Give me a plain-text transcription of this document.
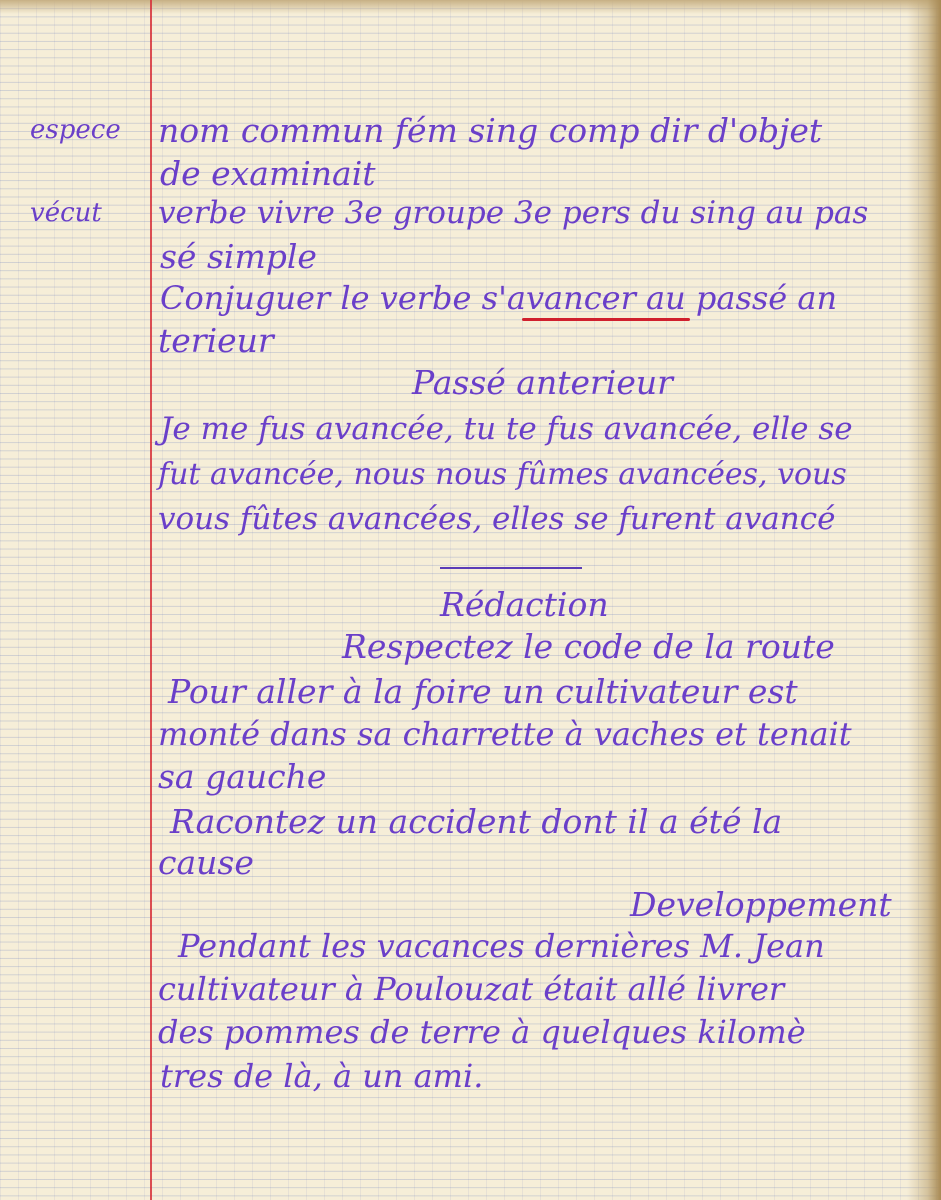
espece
vécut
nom commun fém sing comp dir d'objet
de examinait
verbe vivre 3e groupe 3e pers du sing au pas
sé simple
Conjuguer le verbe s'avancer au passé an
terieur
Passé anterieur
Je me fus avancée, tu te fus avancée, elle se
fut avancée, nous nous fûmes avancées, vous
vous fûtes avancées, elles se furent avancé
Rédaction
Respectez le code de la route
Pour aller à la foire un cultivateur est
monté dans sa charrette à vaches et tenait
sa gauche
Racontez un accident dont il a été la
cause
Developpement
Pendant les vacances dernières M. Jean
cultivateur à Poulouzat était allé livrer
des pommes de terre à quelques kilomè
tres de là, à un ami.
